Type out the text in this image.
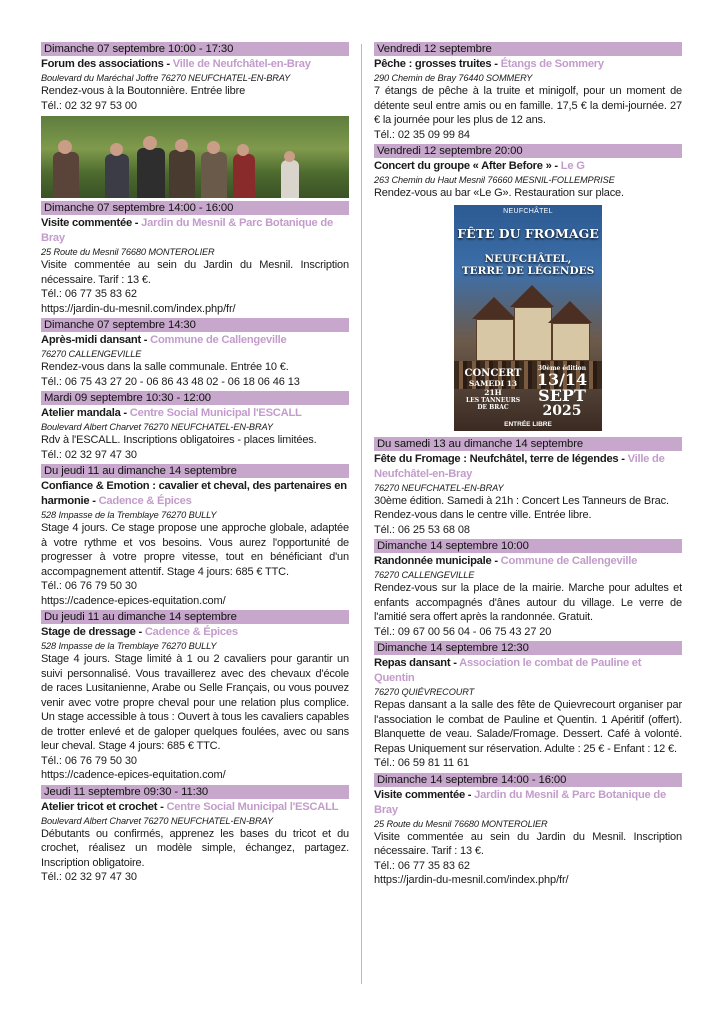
Dimanche 07 septembre 10:00 - 17:30
Forum des associations - Ville de Neufchâtel-en-Bray
Boulevard du Maréchal Joffre 76270 NEUFCHATEL-EN-BRAY
Rendez-vous à la Boutonnière. Entrée libre
Tél.: 02 32 97 53 00
Dimanche 07 septembre 14:00 - 16:00
Visite commentée - Jardin du Mesnil & Parc Botanique de Bray
25 Route du Mesnil 76680 MONTEROLIER
Visite commentée au sein du Jardin du Mesnil. Inscription nécessaire. Tarif : 13 €.
Tél.: 06 77 35 83 62
https://jardin-du-mesnil.com/index.php/fr/
Dimanche 07 septembre 14:30
Après-midi dansant - Commune de Callengeville
76270 CALLENGEVILLE
Rendez-vous dans la salle communale. Entrée 10 €.
Tél.: 06 75 43 27 20 - 06 86 43 48 02 - 06 18 06 46 13
Mardi 09 septembre 10:30 - 12:00
Atelier mandala - Centre Social Municipal l'ESCALL
Boulevard Albert Charvet 76270 NEUFCHATEL-EN-BRAY
Rdv à l'ESCALL. Inscriptions obligatoires - places limitées.
Tél.: 02 32 97 47 30
Du jeudi 11 au dimanche 14 septembre
Confiance & Emotion : cavalier et cheval, des partenaires en harmonie - Cadence & Épices
528 Impasse de la Tremblaye 76270 BULLY
Stage 4 jours. Ce stage propose une approche globale, adaptée à votre rythme et vos besoins. Vous aurez l'opportunité de progresser à votre propre vitesse, tout en bénéficiant d'un accompagnement attentif. Stage 4 jours: 685 € TTC.
Tél.: 06 76 79 50 30
https://cadence-epices-equitation.com/
Du jeudi 11 au dimanche 14 septembre
Stage de dressage - Cadence & Épices
528 Impasse de la Tremblaye 76270 BULLY
Stage 4 jours. Stage limité à 1 ou 2 cavaliers pour garantir un suivi personnalisé. Vous travaillerez avec des chevaux d'école de races Lusitanienne, Arabe ou Selle Français, ou vous pouvez venir avec votre propre cheval pour une relation plus complice. Un stage accessible à tous : Ouvert à tous les cavaliers capables de trotter enlevé et de galoper quelques foulées, avec ou sans leur cheval. Stage 4 jours: 685 € TTC.
Tél.: 06 76 79 50 30
https://cadence-epices-equitation.com/
Jeudi 11 septembre 09:30 - 11:30
Atelier tricot et crochet - Centre Social Municipal l'ESCALL
Boulevard Albert Charvet 76270 NEUFCHATEL-EN-BRAY
Débutants ou confirmés, apprenez les bases du tricot et du crochet, réalisez un modèle simple, échangez, partagez. Inscription obligatoire.
Tél.: 02 32 97 47 30
Vendredi 12 septembre
Pêche : grosses truites - Étangs de Sommery
290 Chemin de Bray 76440 SOMMERY
7 étangs de pêche à la truite et minigolf, pour un moment de détente seul entre amis ou en famille. 17,5 € la demi-journée. 27 € la journée pour les plus de 12 ans.
Tél.: 02 35 09 99 84
Vendredi 12 septembre 20:00
Concert du groupe « After Before » - Le G
263 Chemin du Haut Mesnil 76660 MESNIL-FOLLEMPRISE
Rendez-vous au bar «Le G». Restauration sur place.
NEUFCHÂTEL
FÊTE DU FROMAGE
NEUFCHÂTEL,
TERRE DE LÉGENDES
CONCERT
SAMEDI 13
21H
LES TANNEURS
DE BRAC
30ème édition
13/14
SEPT
2025
ENTRÉE LIBRE
Du samedi 13 au dimanche 14 septembre
Fête du Fromage : Neufchâtel, terre de légendes - Ville de Neufchâtel-en-Bray
76270 NEUFCHATEL-EN-BRAY
30ème édition. Samedi à 21h : Concert Les Tanneurs de Brac.
Rendez-vous dans le centre ville. Entrée libre.
Tél.: 06 25 53 68 08
Dimanche 14 septembre 10:00
Randonnée municipale - Commune de Callengeville
76270 CALLENGEVILLE
Rendez-vous sur la place de la mairie. Marche pour adultes et enfants accompagnés d'ânes autour du village. Le verre de l'amitié sera offert après la randonnée. Gratuit.
Tél.: 09 67 00 56 04 - 06 75 43 27 20
Dimanche 14 septembre 12:30
Repas dansant - Association le combat de Pauline et Quentin
76270 QUIÉVRECOURT
Repas dansant a la salle des fête de Quievrecourt organiser par l'association le combat de Pauline et Quentin. 1 Apéritif (offert). Blanquette de veau. Salade/Fromage. Dessert. Café à volonté. Repas Uniquement sur réservation. Adulte : 25 € - Enfant : 12 €.
Tél.: 06 59 81 11 61
Dimanche 14 septembre 14:00 - 16:00
Visite commentée - Jardin du Mesnil & Parc Botanique de Bray
25 Route du Mesnil 76680 MONTEROLIER
Visite commentée au sein du Jardin du Mesnil. Inscription nécessaire. Tarif : 13 €.
Tél.: 06 77 35 83 62
https://jardin-du-mesnil.com/index.php/fr/
